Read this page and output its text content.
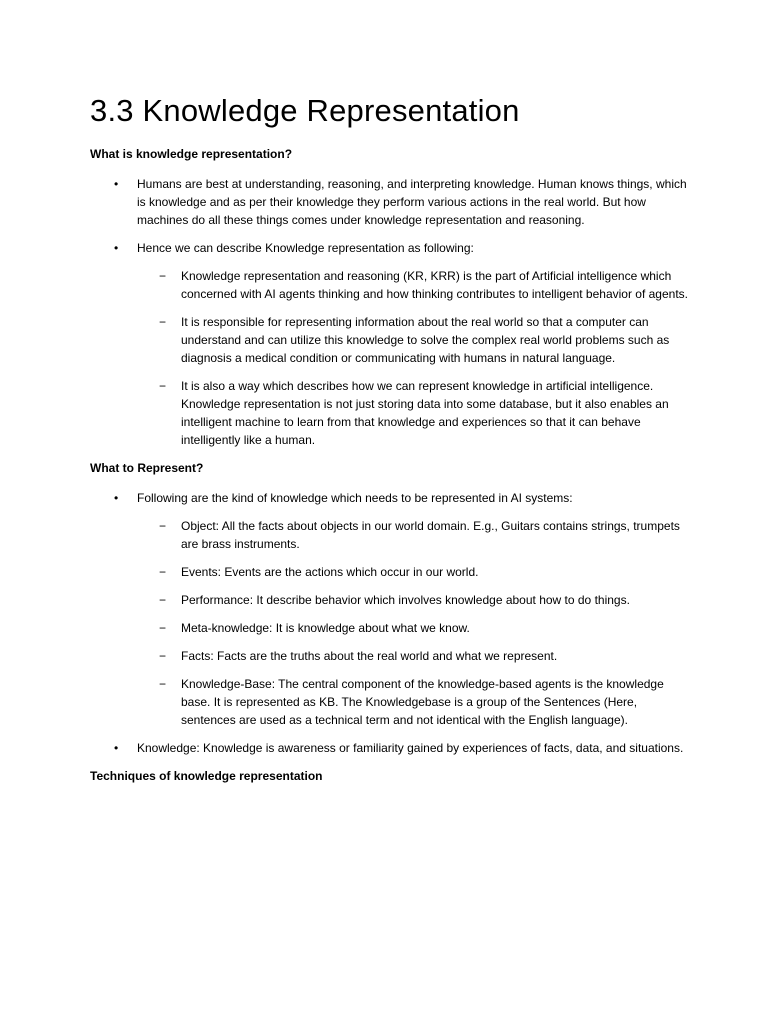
3.3 Knowledge Representation
What is knowledge representation?
• Humans are best at understanding, reasoning, and interpreting knowledge. Human knows things, which is knowledge and as per their knowledge they perform various actions in the real world. But how machines do all these things comes under knowledge representation and reasoning.
• Hence we can describe Knowledge representation as following:
− Knowledge representation and reasoning (KR, KRR) is the part of Artificial intelligence which concerned with AI agents thinking and how thinking contributes to intelligent behavior of agents.
− It is responsible for representing information about the real world so that a computer can understand and can utilize this knowledge to solve the complex real world problems such as diagnosis a medical condition or communicating with humans in natural language.
− It is also a way which describes how we can represent knowledge in artificial intelligence. Knowledge representation is not just storing data into some database, but it also enables an intelligent machine to learn from that knowledge and experiences so that it can behave intelligently like a human.
What to Represent?
• Following are the kind of knowledge which needs to be represented in AI systems:
− Object: All the facts about objects in our world domain. E.g., Guitars contains strings, trumpets are brass instruments.
− Events: Events are the actions which occur in our world.
− Performance: It describe behavior which involves knowledge about how to do things.
− Meta-knowledge: It is knowledge about what we know.
− Facts: Facts are the truths about the real world and what we represent.
− Knowledge-Base: The central component of the knowledge-based agents is the knowledge base. It is represented as KB. The Knowledgebase is a group of the Sentences (Here, sentences are used as a technical term and not identical with the English language).
• Knowledge: Knowledge is awareness or familiarity gained by experiences of facts, data, and situations.
Techniques of knowledge representation
